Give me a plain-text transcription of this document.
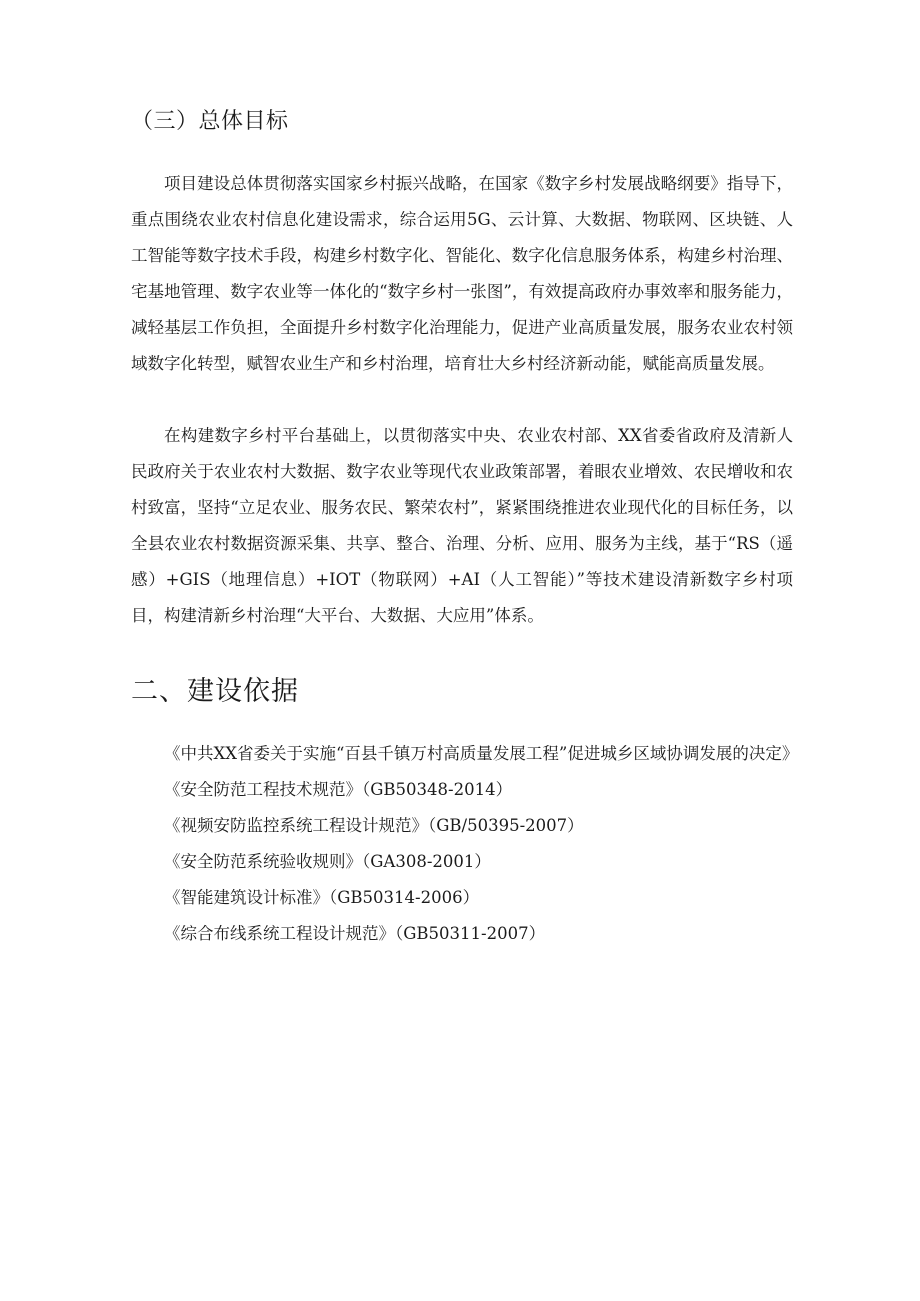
（三）总体目标

项目建设总体贯彻落实国家乡村振兴战略，在国家《数字乡村发展战略纲要》指导下，重点围绕农业农村信息化建设需求，综合运用5G、云计算、大数据、物联网、区块链、人工智能等数字技术手段，构建乡村数字化、智能化、数字化信息服务体系，构建乡村治理、宅基地管理、数字农业等一体化的“数字乡村一张图”，有效提高政府办事效率和服务能力，减轻基层工作负担，全面提升乡村数字化治理能力，促进产业高质量发展，服务农业农村领域数字化转型，赋智农业生产和乡村治理，培育壮大乡村经济新动能，赋能高质量发展。

在构建数字乡村平台基础上，以贯彻落实中央、农业农村部、XX省委省政府及清新人民政府关于农业农村大数据、数字农业等现代农业政策部署，着眼农业增效、农民增收和农村致富，坚持“立足农业、服务农民、繁荣农村”，紧紧围绕推进农业现代化的目标任务，以全县农业农村数据资源采集、共享、整合、治理、分析、应用、服务为主线，基于“RS（遥感）+GIS（地理信息）+IOT（物联网）+AI（人工智能）”等技术建设清新数字乡村项目，构建清新乡村治理“大平台、大数据、大应用”体系。

二、建设依据
《中共XX省委关于实施“百县千镇万村高质量发展工程”促进城乡区域协调发展的决定》
《安全防范工程技术规范》（GB50348-2014）
《视频安防监控系统工程设计规范》（GB/50395-2007）
《安全防范系统验收规则》（GA308-2001）
《智能建筑设计标准》（GB50314-2006）
《综合布线系统工程设计规范》（GB50311-2007）
